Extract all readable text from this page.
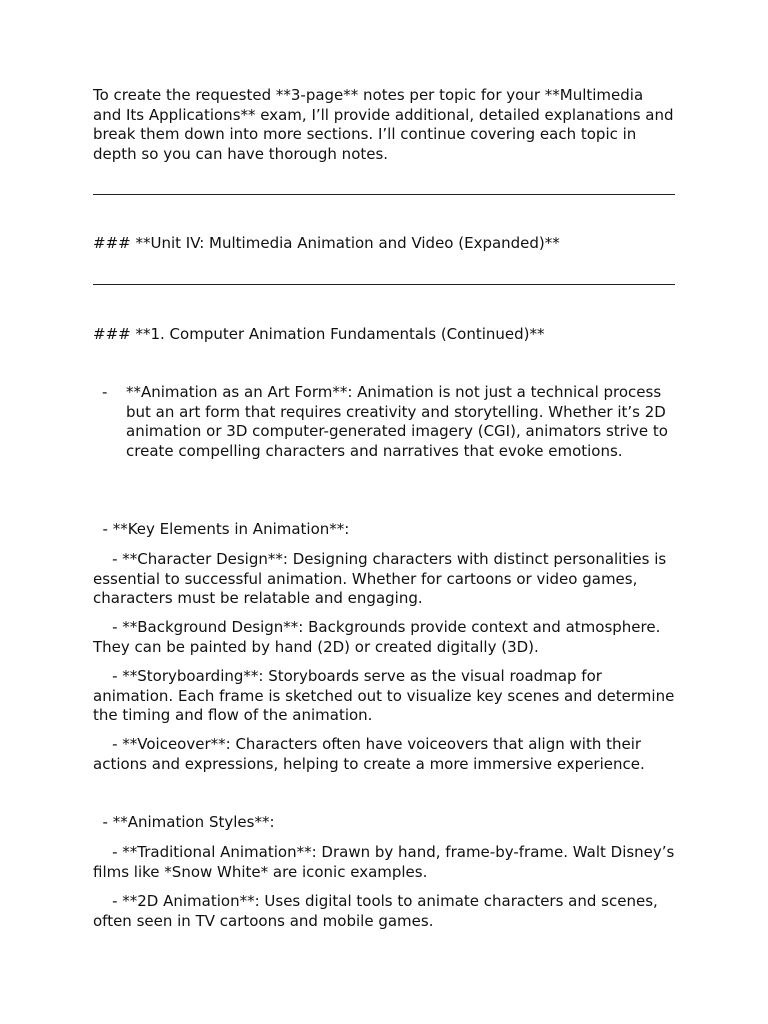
To create the requested **3-page** notes per topic for your **Multimedia and Its Applications** exam, I’ll provide additional, detailed explanations and break them down into more sections. I’ll continue covering each topic in depth so you can have thorough notes.

### **Unit IV: Multimedia Animation and Video (Expanded)**
### **1. Computer Animation Fundamentals (Continued)**
- **Animation as an Art Form**: Animation is not just a technical process but an art form that requires creativity and storytelling. Whether it’s 2D animation or 3D computer-generated imagery (CGI), animators strive to create compelling characters and narratives that evoke emotions.

- **Key Elements in Animation**:

- **Character Design**: Designing characters with distinct personalities is essential to successful animation. Whether for cartoons or video games, characters must be relatable and engaging.

- **Background Design**: Backgrounds provide context and atmosphere. They can be painted by hand (2D) or created digitally (3D).

- **Storyboarding**: Storyboards serve as the visual roadmap for animation. Each frame is sketched out to visualize key scenes and determine the timing and flow of the animation.

- **Voiceover**: Characters often have voiceovers that align with their actions and expressions, helping to create a more immersive experience.

- **Animation Styles**:

- **Traditional Animation**: Drawn by hand, frame-by-frame. Walt Disney’s films like *Snow White* are iconic examples.

- **2D Animation**: Uses digital tools to animate characters and scenes, often seen in TV cartoons and mobile games.
